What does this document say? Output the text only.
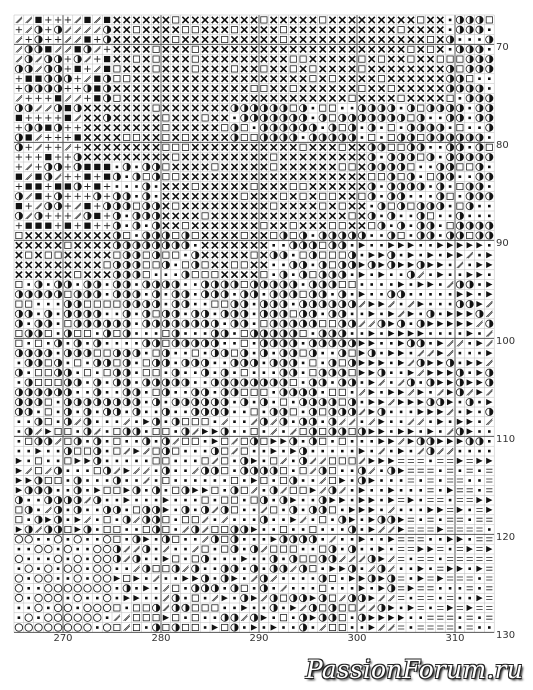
70
80
90
100
110
120
130
270	280	290	300	310
PassionForum.ru
